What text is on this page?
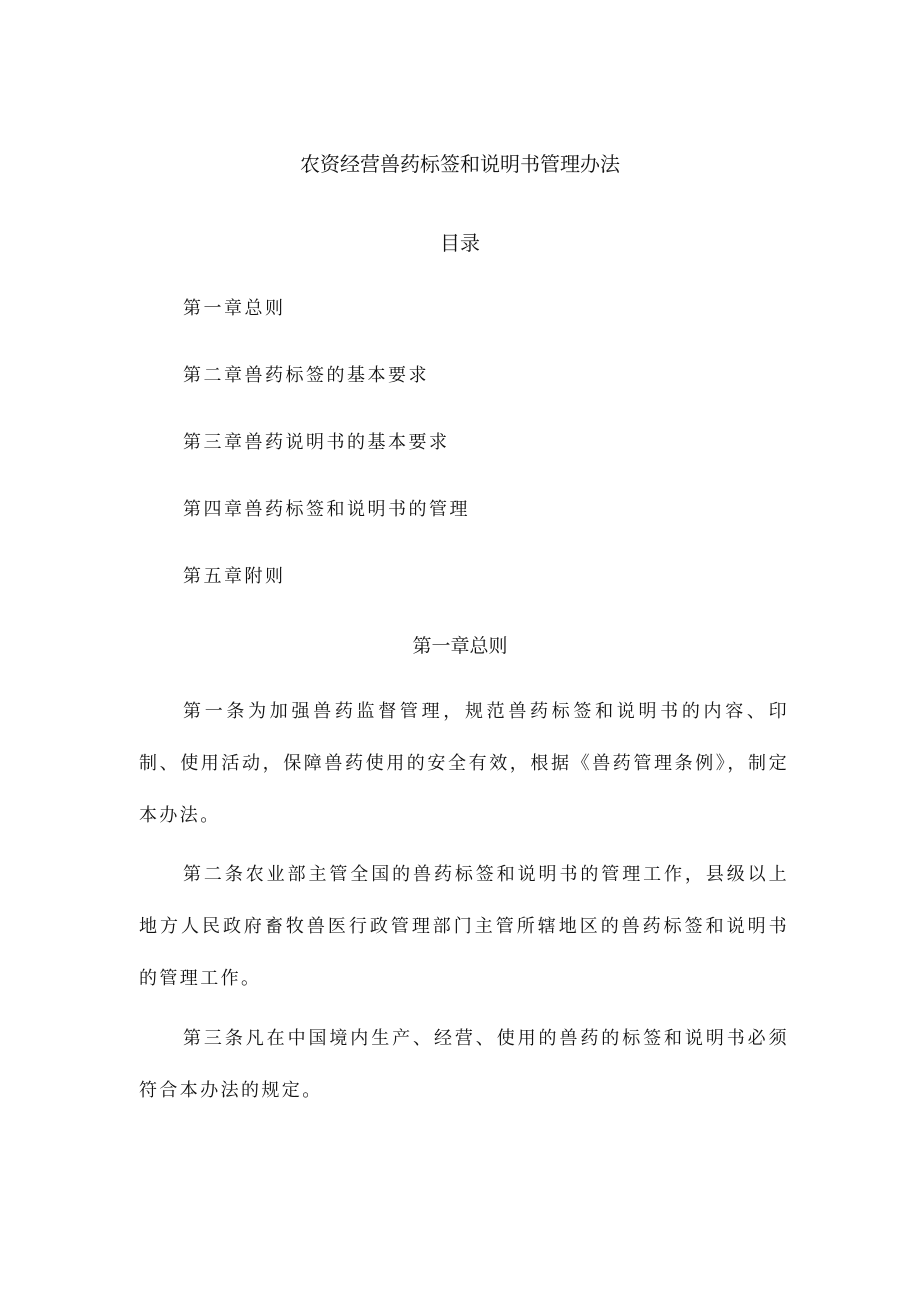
农资经营兽药标签和说明书管理办法
目录
第一章总则
第二章兽药标签的基本要求
第三章兽药说明书的基本要求
第四章兽药标签和说明书的管理
第五章附则
第一章总则

第一条为加强兽药监督管理，规范兽药标签和说明书的内容、印制、使用活动，保障兽药使用的安全有效，根据《兽药管理条例》，制定本办法。

第二条农业部主管全国的兽药标签和说明书的管理工作，县级以上地方人民政府畜牧兽医行政管理部门主管所辖地区的兽药标签和说明书的管理工作。

第三条凡在中国境内生产、经营、使用的兽药的标签和说明书必须符合本办法的规定。
